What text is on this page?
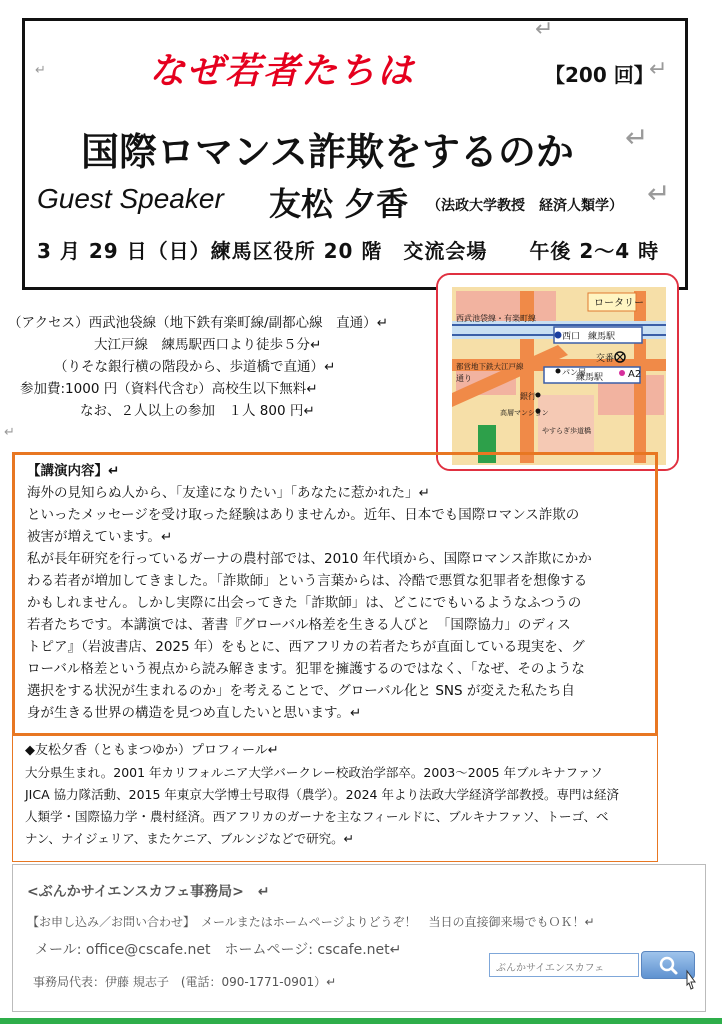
↵	なぜ若者たちは
↵
【200 回】
↵
国際ロマンス詐欺をするのか ↵
Guest Speaker 友松 夕香 （法政大学教授　経済人類学） ↵
3 月 29 日（日）練馬区役所 20 階　交流会場　　午後 2～4 時
（アクセス）西武池袋線（地下鉄有楽町線/副都心線　直通）↵
大江戸線　練馬駅西口より徒歩５分↵
（りそな銀行横の階段から、歩道橋で直通）↵
参加費:1000 円（資料代含む）高校生以下無料↵
なお、２人以上の参加　１人 800 円↵
↵
ロータリー
西武池袋線・有楽町線
西口 練馬駅
交番
都営地下鉄大江戸線
通り
パン屋	A2
練馬駅
銀行
高層マンション
やすらぎ歩道橋
【講演内容】↵
海外の見知らぬ人から、「友達になりたい」「あなたに惹かれた」↵
といったメッセージを受け取った経験はありませんか。近年、日本でも国際ロマンス詐欺の
被害が増えています。↵
私が長年研究を行っているガーナの農村部では、2010 年代頃から、国際ロマンス詐欺にかか
わる若者が増加してきました。「詐欺師」という言葉からは、冷酷で悪質な犯罪者を想像する
かもしれません。しかし実際に出会ってきた「詐欺師」は、どこにでもいるようなふつうの
若者たちです。本講演では、著書『グローバル格差を生きる人びと　「国際協力」のディス
トピア』（岩波書店、2025 年）をもとに、西アフリカの若者たちが直面している現実を、グ
ローバル格差という視点から読み解きます。犯罪を擁護するのではなく、「なぜ、そのような
選択をする状況が生まれるのか」を考えることで、グローバル化と SNS が変えた私たち自
身が生きる世界の構造を見つめ直したいと思います。↵
◆友松夕香（ともまつゆか）プロフィール↵
大分県生まれ。2001 年カリフォルニア大学バークレー校政治学部卒。2003～2005 年ブルキナファソ
JICA 協力隊活動、2015 年東京大学博士号取得（農学）。2024 年より法政大学経済学部教授。専門は経済
人類学・国際協力学・農村経済。西アフリカのガーナを主なフィールドに、ブルキナファソ、トーゴ、ベ
ナン、ナイジェリア、またケニア、ブルンジなどで研究。↵
<ぶんかサイエンスカフェ事務局>　↵
【お申し込み／お問い合わせ】　メールまたはホームページよりどうぞ！　当日の直接御来場でもＯＫ！↵
メール: office@cscafe.net　ホームページ: cscafe.net↵
事務局代表：伊藤 規志子　(電話：090-1771-0901）↵
ぶんかサイエンスカフェ
